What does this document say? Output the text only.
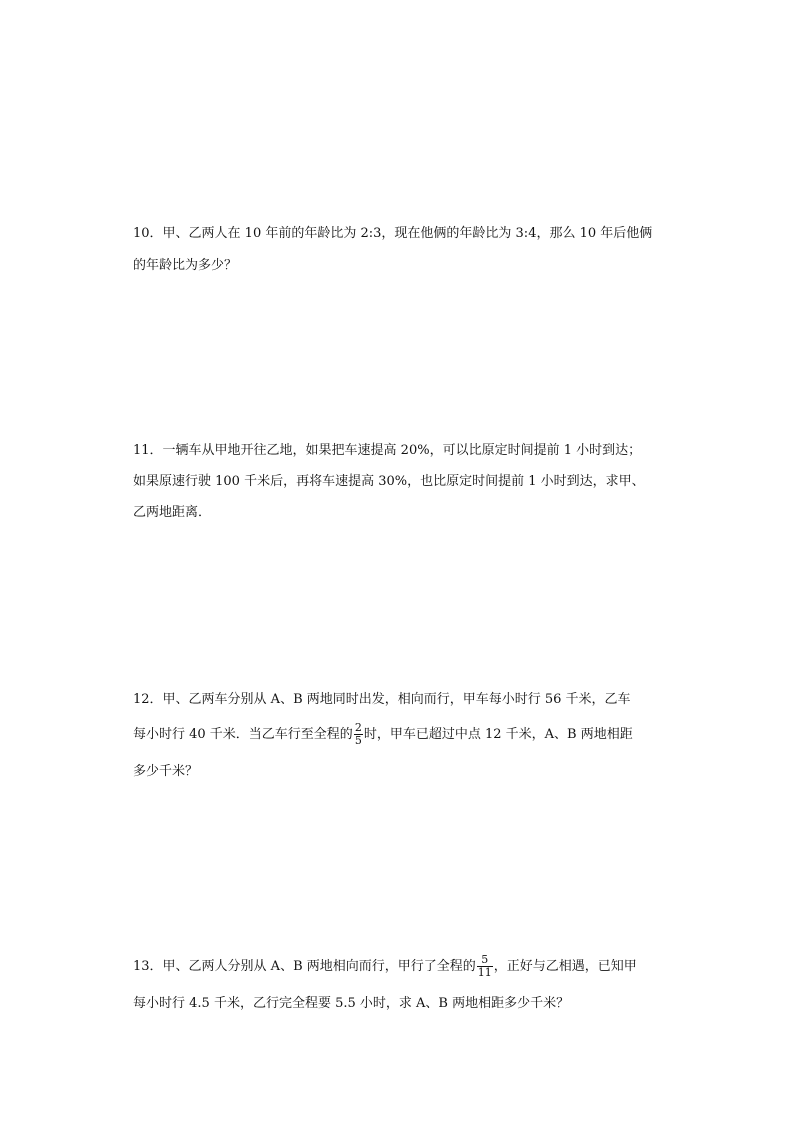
10．甲、乙两人在 10 年前的年龄比为 2:3，现在他俩的年龄比为 3:4，那么 10 年后他俩
的年龄比为多少？
11．一辆车从甲地开往乙地，如果把车速提高 20%，可以比原定时间提前 1 小时到达；
如果原速行驶 100 千米后，再将车速提高 30%，也比原定时间提前 1 小时到达，求甲、
乙两地距离．
12．甲、乙两车分别从 A、B 两地同时出发，相向而行，甲车每小时行 56 千米，乙车
每小时行 40 千米．当乙车行至全程的 $\frac{2}{5}$ 时，甲车已超过中点 12 千米，A、B 两地相距
多少千米？
13．甲、乙两人分别从 A、B 两地相向而行，甲行了全程的 $\frac{5}{11}$ ，正好与乙相遇，已知甲
每小时行 4.5 千米，乙行完全程要 5.5 小时，求 A、B 两地相距多少千米？
